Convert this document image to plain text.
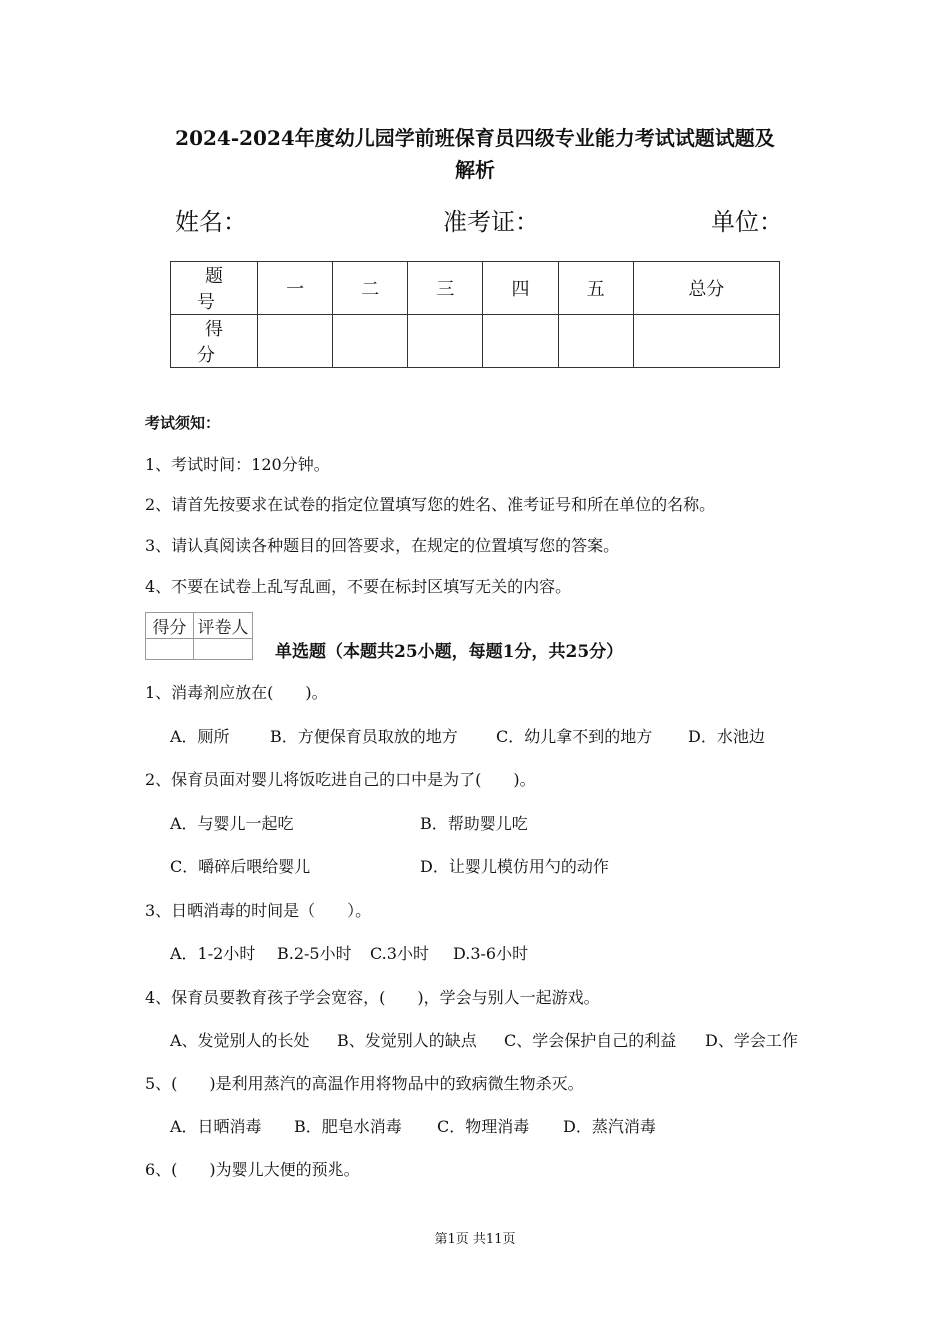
2024-2024年度幼儿园学前班保育员四级专业能力考试试题试题及
解析
姓名：	准考证：	单位：
题　号	一	二	三	四	五	总分
得　分						
考试须知：
1、考试时间：120分钟。
2、请首先按要求在试卷的指定位置填写您的姓名、准考证号和所在单位的名称。
3、请认真阅读各种题目的回答要求，在规定的位置填写您的答案。
4、不要在试卷上乱写乱画，不要在标封区填写无关的内容。
得分	评卷人

单选题（本题共25小题，每题1分，共25分）
1、消毒剂应放在(　　)。
A．厕所	B．方便保育员取放的地方 C．幼儿拿不到的地方 D．水池边
2、保育员面对婴儿将饭吃进自己的口中是为了(　　)。
A．与婴儿一起吃	B．帮助婴儿吃
C．嚼碎后喂给婴儿	D．让婴儿模仿用勺的动作
3、日晒消毒的时间是（　　）。
A．1-2小时 B.2-5小时 C.3小时 D.3-6小时
4、保育员要教育孩子学会宽容，(　　)，学会与别人一起游戏。
A、发觉别人的长处 B、发觉别人的缺点 C、学会保护自己的利益 D、学会工作
5、(　　)是利用蒸汽的高温作用将物品中的致病微生物杀灭。
A．日晒消毒 B．肥皂水消毒 C．物理消毒 D．蒸汽消毒
6、(　　)为婴儿大便的预兆。
第1页 共11页
